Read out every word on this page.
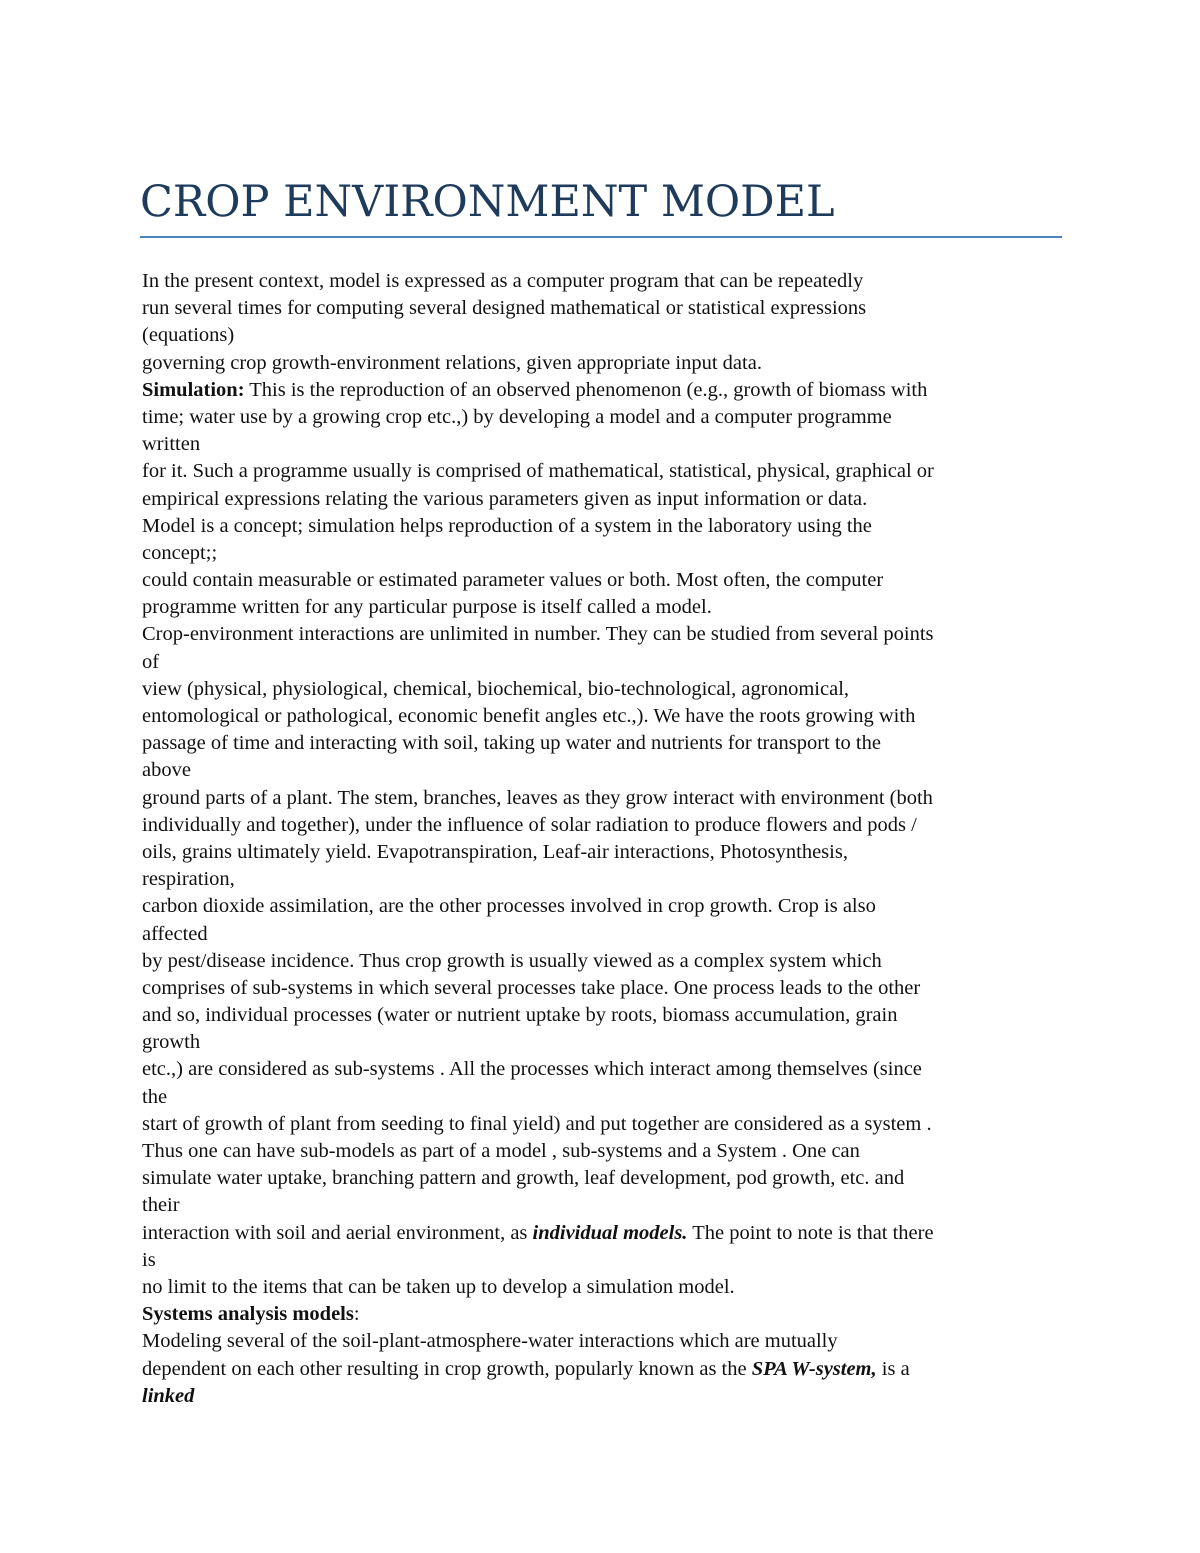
CROP ENVIRONMENT MODEL
In the present context, model is expressed as a computer program that can be repeatedly
run several times for computing several designed mathematical or statistical expressions
(equations)
governing crop growth-environment relations, given appropriate input data.
Simulation: This is the reproduction of an observed phenomenon (e.g., growth of biomass with
time; water use by a growing crop etc.,) by developing a model and a computer programme
written
for it. Such a programme usually is comprised of mathematical, statistical, physical, graphical or
empirical expressions relating the various parameters given as input information or data.
Model is a concept; simulation helps reproduction of a system in the laboratory using the
concept;;
could contain measurable or estimated parameter values or both. Most often, the computer
programme written for any particular purpose is itself called a model.
Crop-environment interactions are unlimited in number. They can be studied from several points
of
view (physical, physiological, chemical, biochemical, bio-technological, agronomical,
entomological or pathological, economic benefit angles etc.,). We have the roots growing with
passage of time and interacting with soil, taking up water and nutrients for transport to the
above
ground parts of a plant. The stem, branches, leaves as they grow interact with environment (both
individually and together), under the influence of solar radiation to produce flowers and pods /
oils, grains ultimately yield. Evapotranspiration, Leaf-air interactions, Photosynthesis,
respiration,
carbon dioxide assimilation, are the other processes involved in crop growth. Crop is also
affected
by pest/disease incidence. Thus crop growth is usually viewed as a complex system which
comprises of sub-systems in which several processes take place. One process leads to the other
and so, individual processes (water or nutrient uptake by roots, biomass accumulation, grain
growth
etc.,) are considered as sub-systems . All the processes which interact among themselves (since
the
start of growth of plant from seeding to final yield) and put together are considered as a system .
Thus one can have sub-models as part of a model , sub-systems and a System . One can
simulate water uptake, branching pattern and growth, leaf development, pod growth, etc. and
their
interaction with soil and aerial environment, as individual models. The point to note is that there
is
no limit to the items that can be taken up to develop a simulation model.
Systems analysis models:
Modeling several of the soil-plant-atmosphere-water interactions which are mutually
dependent on each other resulting in crop growth, popularly known as the SPA W-system, is a
linked
